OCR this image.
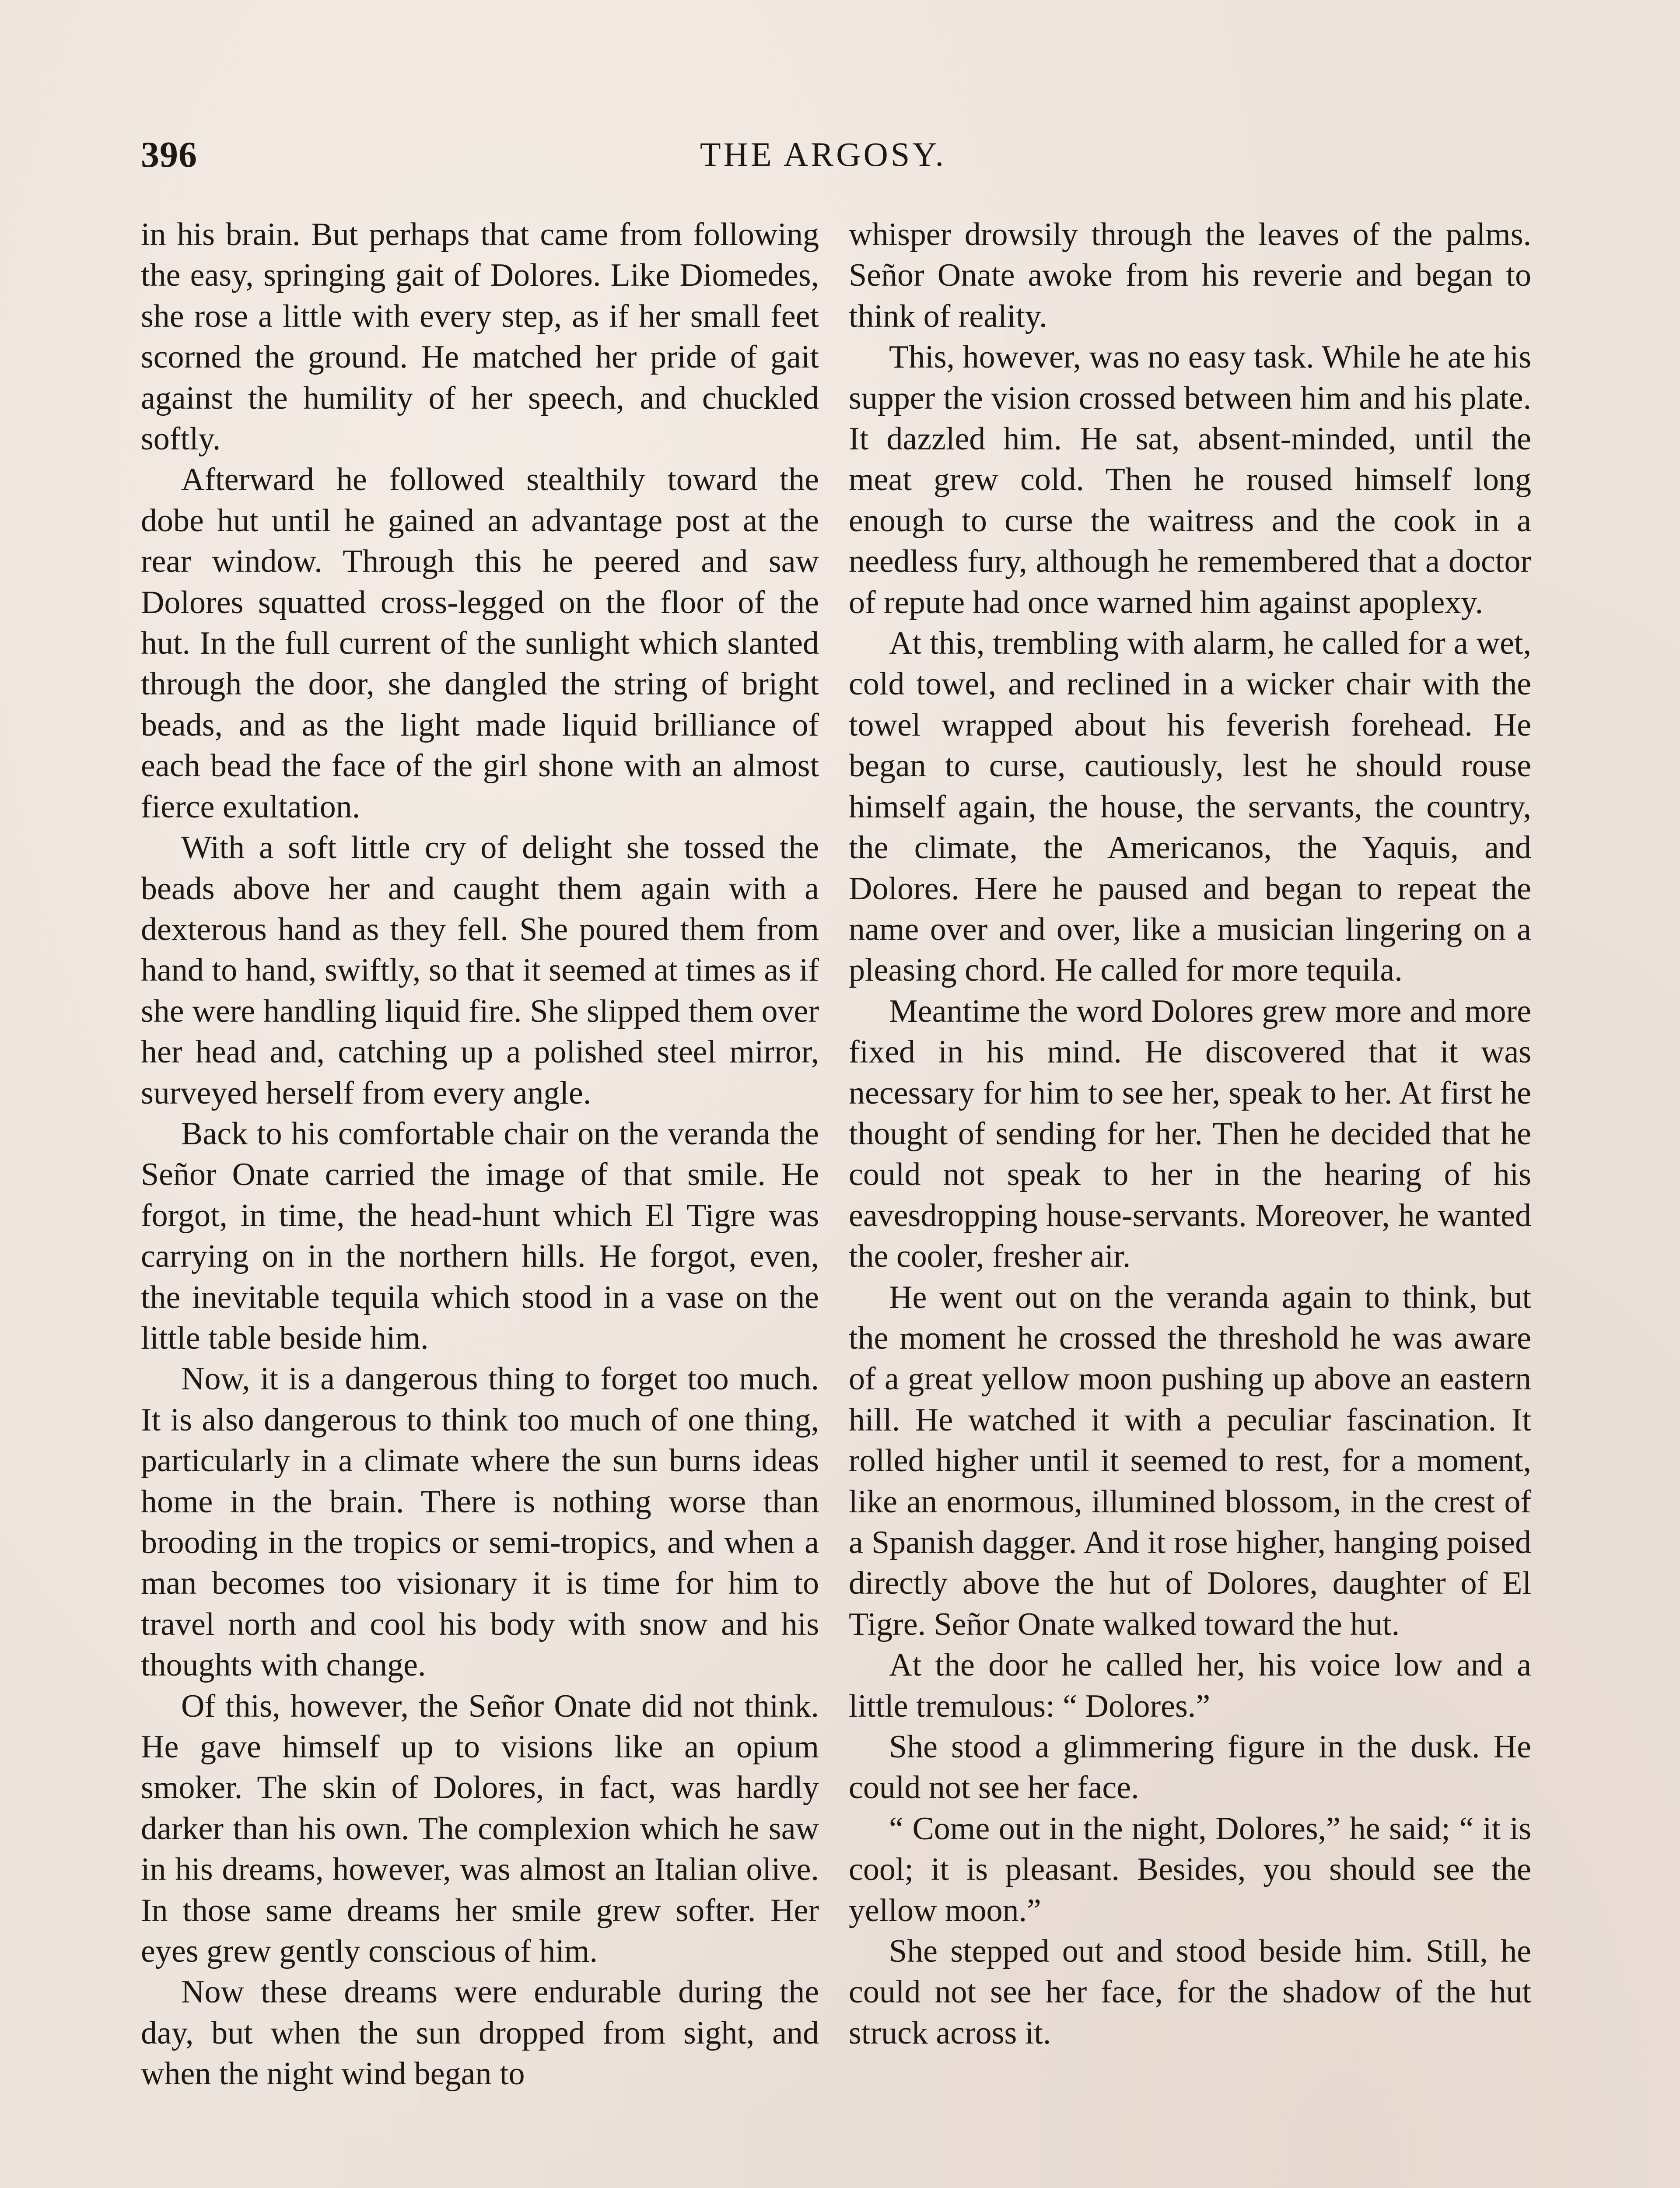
396	THE ARGOSY.

in his brain. But perhaps that came from following the easy, springing gait of Dolores. Like Diomedes, she rose a little with every step, as if her small feet scorned the ground. He matched her pride of gait against the humility of her speech, and chuckled softly.

Afterward he followed stealthily toward the dobe hut until he gained an advantage post at the rear window. Through this he peered and saw Dolores squatted cross-legged on the floor of the hut. In the full current of the sunlight which slanted through the door, she dangled the string of bright beads, and as the light made liquid brilliance of each bead the face of the girl shone with an almost fierce exultation.

With a soft little cry of delight she tossed the beads above her and caught them again with a dexterous hand as they fell. She poured them from hand to hand, swiftly, so that it seemed at times as if she were handling liquid fire. She slipped them over her head and, catching up a polished steel mirror, surveyed herself from every angle.

Back to his comfortable chair on the veranda the Señor Onate carried the image of that smile. He forgot, in time, the head-hunt which El Tigre was carrying on in the northern hills. He forgot, even, the inevitable tequila which stood in a vase on the little table beside him.

Now, it is a dangerous thing to forget too much. It is also dangerous to think too much of one thing, particularly in a climate where the sun burns ideas home in the brain. There is nothing worse than brooding in the tropics or semi-tropics, and when a man becomes too visionary it is time for him to travel north and cool his body with snow and his thoughts with change.

Of this, however, the Señor Onate did not think. He gave himself up to visions like an opium smoker. The skin of Dolores, in fact, was hardly darker than his own. The complexion which he saw in his dreams, however, was almost an Italian olive. In those same dreams her smile grew softer. Her eyes grew gently conscious of him.

Now these dreams were endurable during the day, but when the sun dropped from sight, and when the night wind began to

whisper drowsily through the leaves of the palms. Señor Onate awoke from his reverie and began to think of reality.

This, however, was no easy task. While he ate his supper the vision crossed between him and his plate. It dazzled him. He sat, absent-minded, until the meat grew cold. Then he roused himself long enough to curse the waitress and the cook in a needless fury, although he remembered that a doctor of repute had once warned him against apoplexy.

At this, trembling with alarm, he called for a wet, cold towel, and reclined in a wicker chair with the towel wrapped about his feverish forehead. He began to curse, cautiously, lest he should rouse himself again, the house, the servants, the country, the climate, the Americanos, the Yaquis, and Dolores. Here he paused and began to repeat the name over and over, like a musician lingering on a pleasing chord. He called for more tequila.

Meantime the word Dolores grew more and more fixed in his mind. He discovered that it was necessary for him to see her, speak to her. At first he thought of sending for her. Then he decided that he could not speak to her in the hearing of his eavesdropping house-servants. Moreover, he wanted the cooler, fresher air.

He went out on the veranda again to think, but the moment he crossed the threshold he was aware of a great yellow moon pushing up above an eastern hill. He watched it with a peculiar fascination. It rolled higher until it seemed to rest, for a moment, like an enormous, illumined blossom, in the crest of a Spanish dagger. And it rose higher, hanging poised directly above the hut of Dolores, daughter of El Tigre. Señor Onate walked toward the hut.

At the door he called her, his voice low and a little tremulous: “ Dolores.”

She stood a glimmering figure in the dusk. He could not see her face.

“ Come out in the night, Dolores,” he said; “ it is cool; it is pleasant. Besides, you should see the yellow moon.”

She stepped out and stood beside him. Still, he could not see her face, for the shadow of the hut struck across it.
